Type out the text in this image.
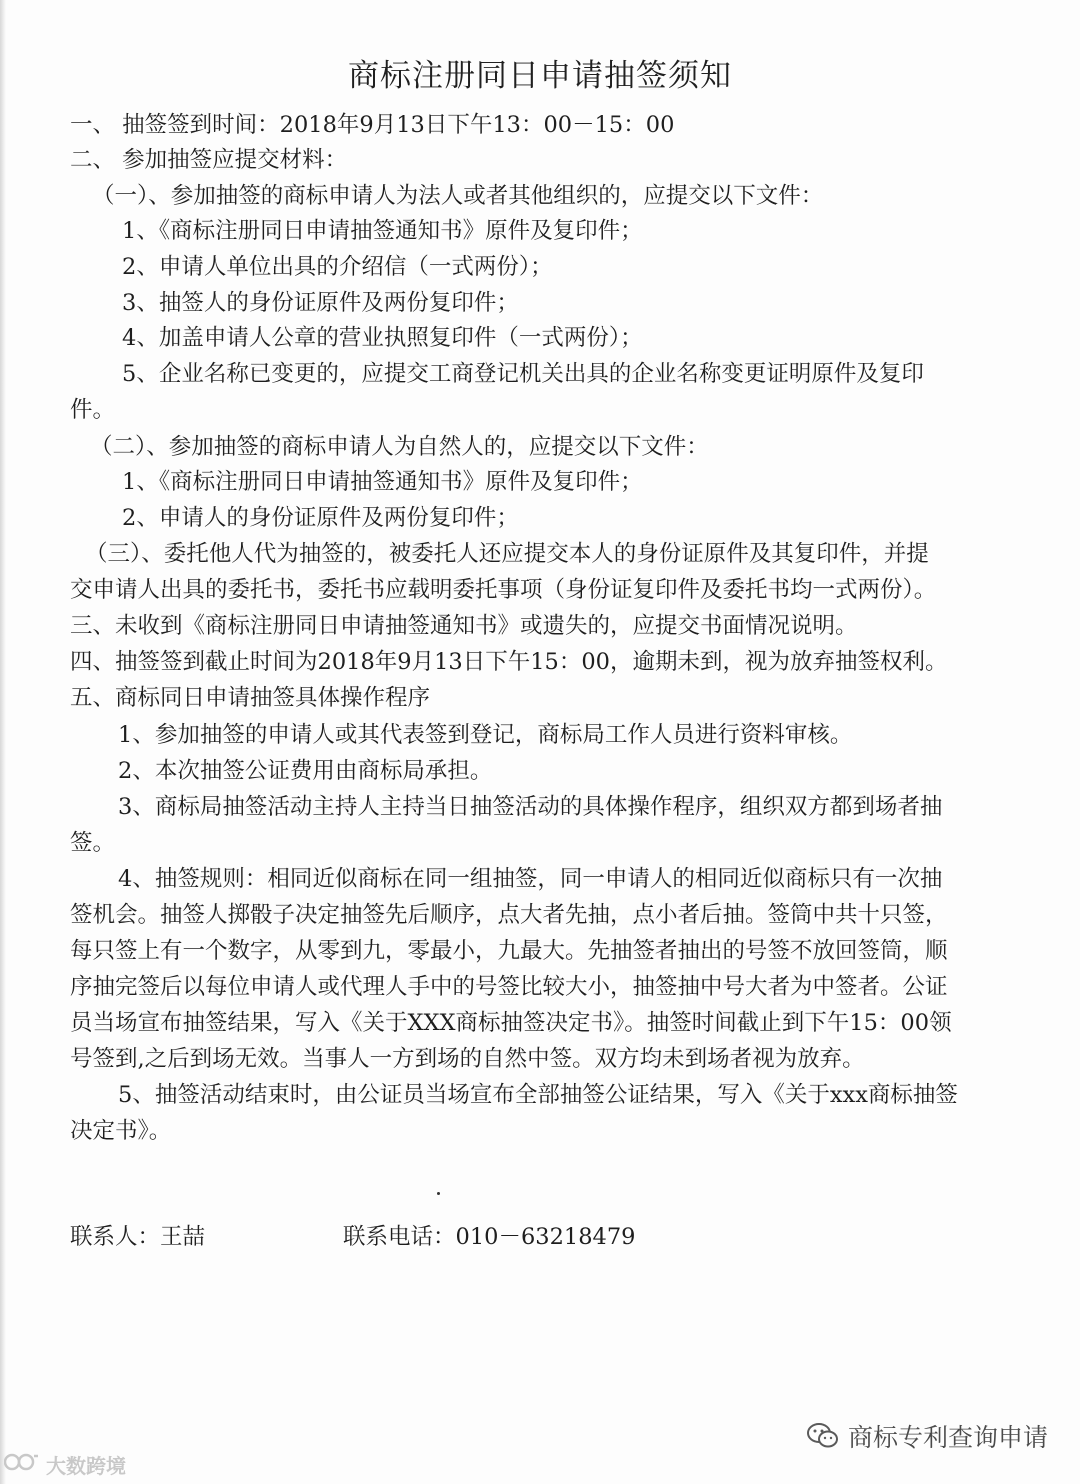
商标注册同日申请抽签须知
一、 抽签签到时间：2018年9月13日下午13：00－15：00
二、 参加抽签应提交材料：
（一）、参加抽签的商标申请人为法人或者其他组织的，应提交以下文件：
1、《商标注册同日申请抽签通知书》原件及复印件；
2、申请人单位出具的介绍信（一式两份）；
3、抽签人的身份证原件及两份复印件；
4、加盖申请人公章的营业执照复印件（一式两份）；
5、企业名称已变更的，应提交工商登记机关出具的企业名称变更证明原件及复印
件。
（二）、参加抽签的商标申请人为自然人的，应提交以下文件：
1、《商标注册同日申请抽签通知书》原件及复印件；
2、申请人的身份证原件及两份复印件；
（三）、委托他人代为抽签的，被委托人还应提交本人的身份证原件及其复印件，并提
交申请人出具的委托书，委托书应载明委托事项（身份证复印件及委托书均一式两份）。
三、未收到《商标注册同日申请抽签通知书》或遗失的，应提交书面情况说明。
四、抽签签到截止时间为2018年9月13日下午15：00，逾期未到，视为放弃抽签权利。
五、商标同日申请抽签具体操作程序
1、参加抽签的申请人或其代表签到登记，商标局工作人员进行资料审核。
2、本次抽签公证费用由商标局承担。
3、商标局抽签活动主持人主持当日抽签活动的具体操作程序，组织双方都到场者抽
签。
4、抽签规则：相同近似商标在同一组抽签，同一申请人的相同近似商标只有一次抽
签机会。抽签人掷骰子决定抽签先后顺序，点大者先抽，点小者后抽。签筒中共十只签，
每只签上有一个数字，从零到九，零最小，九最大。先抽签者抽出的号签不放回签筒，顺
序抽完签后以每位申请人或代理人手中的号签比较大小，抽签抽中号大者为中签者。公证
员当场宣布抽签结果，写入《关于XXX商标抽签决定书》。抽签时间截止到下午15：00领
号签到,之后到场无效。当事人一方到场的自然中签。双方均未到场者视为放弃。
5、抽签活动结束时，由公证员当场宣布全部抽签公证结果，写入《关于xxx商标抽签
决定书》。
联系人：王喆	联系电话：010－63218479
大数跨境
商标专利查询申请
